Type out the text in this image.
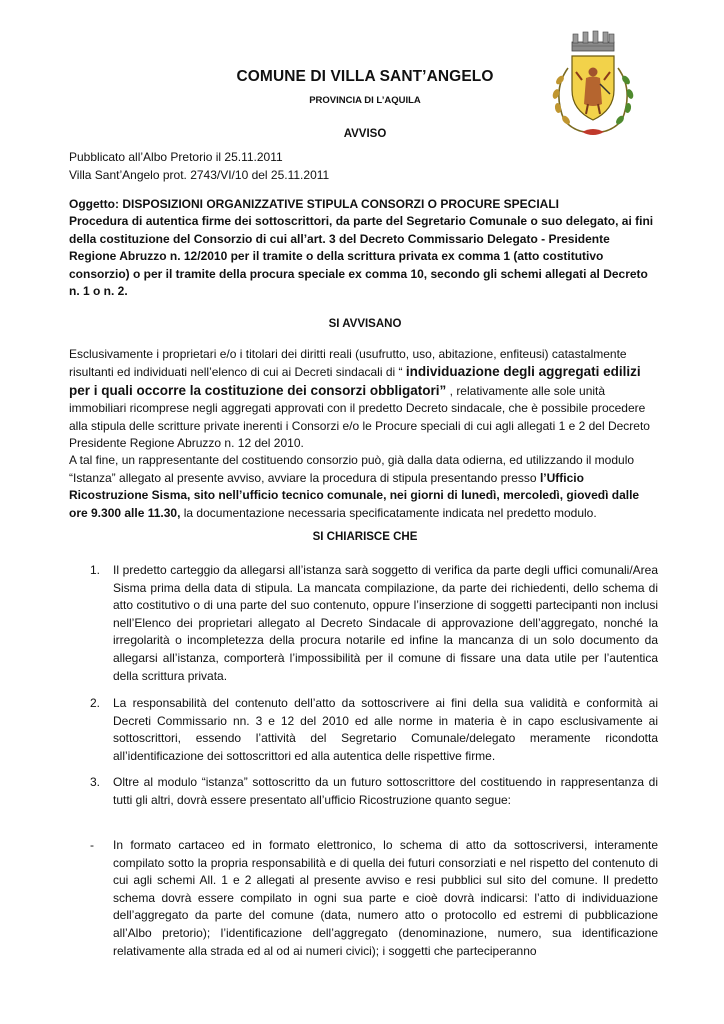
COMUNE DI VILLA SANT’ANGELO
PROVINCIA DI L’AQUILA
AVVISO
Pubblicato all’Albo Pretorio il 25.11.2011
Villa Sant’Angelo prot. 2743/VI/10 del 25.11.2011

Oggetto: DISPOSIZIONI ORGANIZZATIVE STIPULA CONSORZI O PROCURE SPECIALI

Procedura di autentica firme dei sottoscrittori, da parte del Segretario Comunale o suo delegato, ai fini della costituzione del Consorzio di cui all’art. 3 del Decreto Commissario Delegato - Presidente Regione Abruzzo n. 12/2010 per il tramite o della scrittura privata ex comma 1 (atto costitutivo consorzio) o per il tramite della procura speciale ex comma 10, secondo gli schemi allegati al Decreto n. 1 o n. 2.

SI AVVISANO

Esclusivamente i proprietari e/o i titolari dei diritti reali (usufrutto, uso, abitazione, enfiteusi) catastalmente risultanti ed individuati nell’elenco di cui ai Decreti sindacali di “ individuazione degli aggregati edilizi per i quali occorre la costituzione dei consorzi obbligatori” , relativamente alle sole unità immobiliari ricomprese negli aggregati approvati con il predetto Decreto sindacale, che è possibile procedere alla stipula delle scritture private inerenti i Consorzi e/o le Procure speciali di cui agli allegati 1 e 2 del Decreto Presidente Regione Abruzzo n. 12 del 2010.

A tal fine, un rappresentante del costituendo consorzio può, già dalla data odierna, ed utilizzando il modulo “Istanza” allegato al presente avviso, avviare la procedura di stipula presentando presso l’Ufficio Ricostruzione Sisma, sito nell’ufficio tecnico comunale, nei giorni di lunedì, mercoledì, giovedì dalle ore 9.300 alle 11.30, la documentazione necessaria specificatamente indicata nel predetto modulo.

SI CHIARISCE CHE
1.	Il predetto carteggio da allegarsi all’istanza sarà soggetto di verifica da parte degli uffici comunali/Area Sisma prima della data di stipula. La mancata compilazione, da parte dei richiedenti, dello schema di atto costitutivo o di una parte del suo contenuto, oppure l’inserzione di soggetti partecipanti non inclusi nell’Elenco dei proprietari allegato al Decreto Sindacale di approvazione dell’aggregato, nonché la irregolarità o incompletezza della procura notarile ed infine la mancanza di un solo documento da allegarsi all’istanza, comporterà l’impossibilità per il comune di fissare una data utile per l’autentica della scrittura privata.
2.	La responsabilità del contenuto dell’atto da sottoscrivere ai fini della sua validità e conformità ai Decreti Commissario nn. 3 e 12 del 2010 ed alle norme in materia è in capo esclusivamente ai sottoscrittori, essendo l’attività del Segretario Comunale/delegato meramente ricondotta all’identificazione dei sottoscrittori ed alla autentica delle rispettive firme.
3.	Oltre al modulo “istanza” sottoscritto da un futuro sottoscrittore del costituendo in rappresentanza di tutti gli altri, dovrà essere presentato all’ufficio Ricostruzione quanto segue:
-	In formato cartaceo ed in formato elettronico, lo schema di atto da sottoscriversi, interamente compilato sotto la propria responsabilità e di quella dei futuri consorziati e nel rispetto del contenuto di cui agli schemi All. 1 e 2 allegati al presente avviso e resi pubblici sul sito del comune. Il predetto schema dovrà essere compilato in ogni sua parte e cioè dovrà indicarsi: l’atto di individuazione dell’aggregato da parte del comune (data, numero atto o protocollo ed estremi di pubblicazione all’Albo pretorio); l’identificazione dell’aggregato (denominazione, numero, sua identificazione relativamente alla strada ed al od ai numeri civici); i soggetti che parteciperanno
